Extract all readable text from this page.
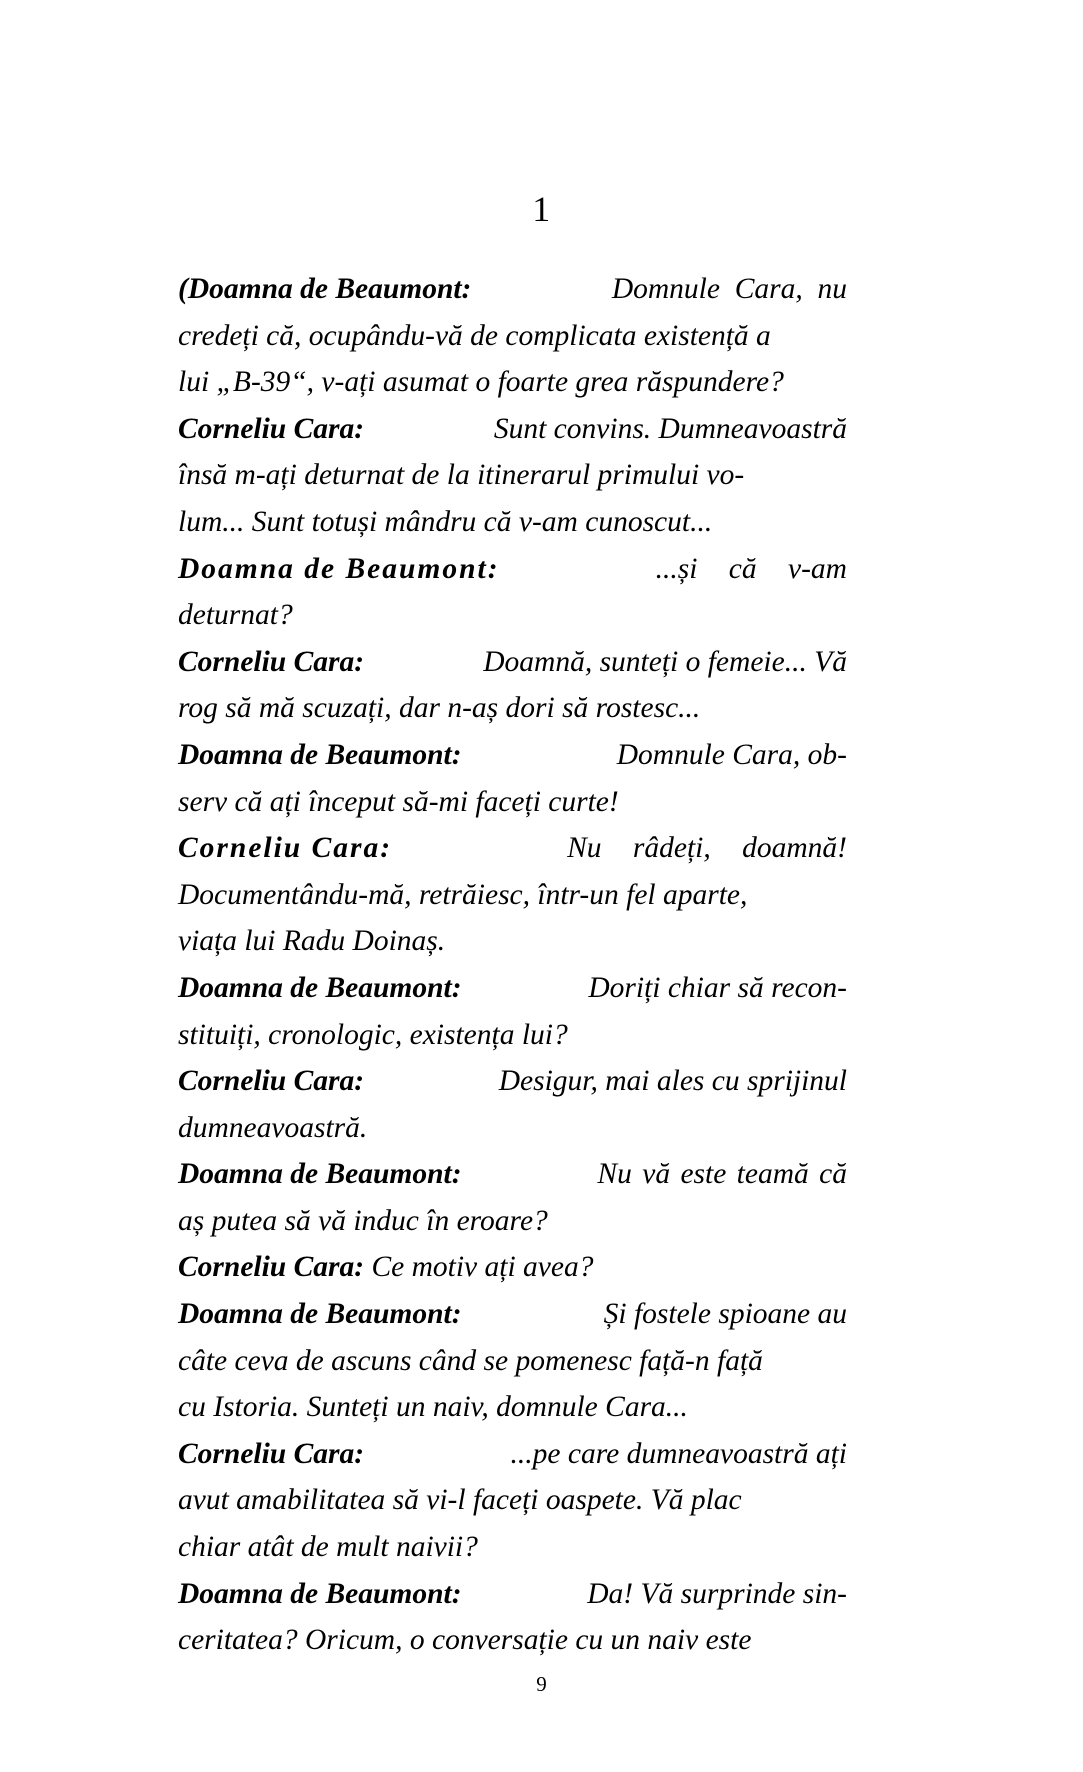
1
(Doamna de Beaumont:	Domnule  Cara,  nu
credeți că, ocupându-vă de complicata existență a
lui „B-39“, v-ați asumat o foarte grea răspundere?
Corneliu Cara:	Sunt convins. Dumneavoastră
însă m-ați deturnat de la itinerarul primului vo-
lum... Sunt totuși mândru că v-am cunoscut...
Doamna de Beaumont:	...și că v-am
deturnat?
Corneliu Cara:	Doamnă, sunteți o femeie... Vă
rog să mă scuzați, dar n-aș dori să rostesc...
Doamna de Beaumont:	Domnule Cara, ob-
serv că ați început să-mi faceți curte!
Corneliu Cara:	Nu râdeți, doamnă!
Documentându-mă, retrăiesc, într-un fel aparte,
viața lui Radu Doinaș.
Doamna de Beaumont:	Doriți chiar să recon-
stituiți, cronologic, existența lui?
Corneliu Cara:	Desigur, mai ales cu sprijinul
dumneavoastră.
Doamna de Beaumont:	Nu vă este teamă că
aș putea să vă induc în eroare?
Corneliu Cara: Ce motiv ați avea?
Doamna de Beaumont:	Și fostele spioane au
câte ceva de ascuns când se pomenesc față-n față
cu Istoria. Sunteți un naiv, domnule Cara...
Corneliu Cara:	...pe care dumneavoastră ați
avut amabilitatea să vi-l faceți oaspete. Vă plac
chiar atât de mult naivii?
Doamna de Beaumont:	Da! Vă surprinde sin-
ceritatea? Oricum, o conversație cu un naiv este
9
